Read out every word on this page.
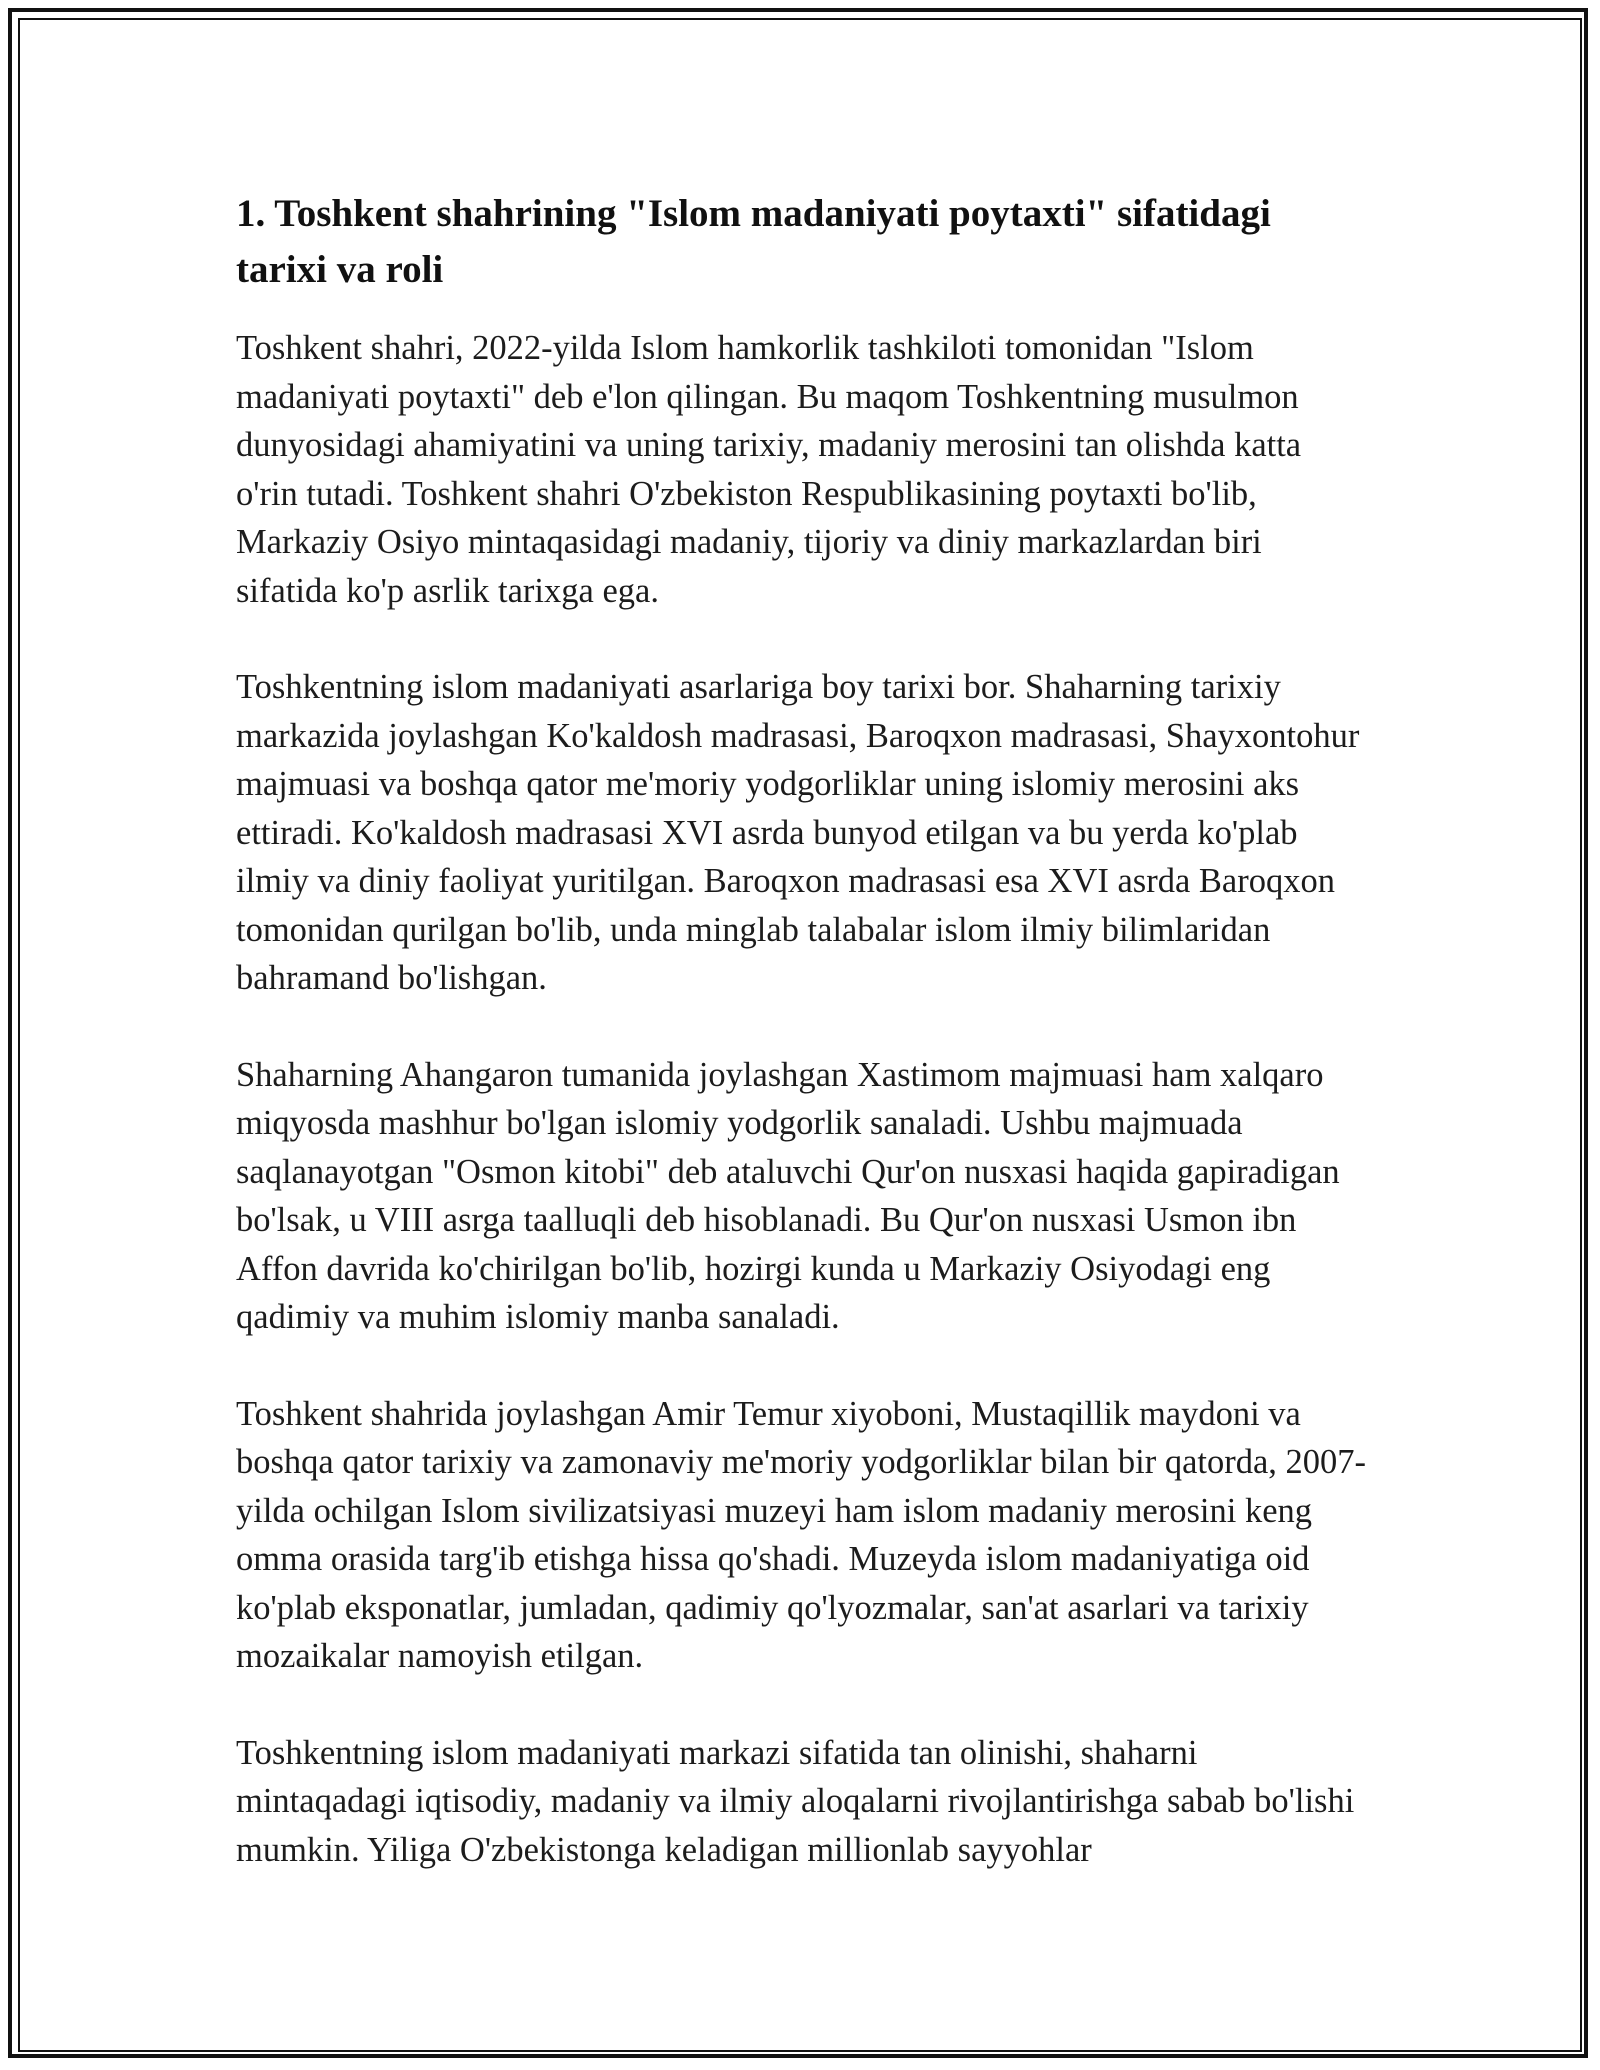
1. Toshkent shahrining "Islom madaniyati poytaxti" sifatidagi tarixi va roli

Toshkent shahri, 2022-yilda Islom hamkorlik tashkiloti tomonidan "Islom madaniyati poytaxti" deb e'lon qilingan. Bu maqom Toshkentning musulmon dunyosidagi ahamiyatini va uning tarixiy, madaniy merosini tan olishda katta o'rin tutadi. Toshkent shahri O'zbekiston Respublikasining poytaxti bo'lib, Markaziy Osiyo mintaqasidagi madaniy, tijoriy va diniy markazlardan biri sifatida ko'p asrlik tarixga ega.

Toshkentning islom madaniyati asarlariga boy tarixi bor. Shaharning tarixiy markazida joylashgan Ko'kaldosh madrasasi, Baroqxon madrasasi, Shayxontohur majmuasi va boshqa qator me'moriy yodgorliklar uning islomiy merosini aks ettiradi. Ko'kaldosh madrasasi XVI asrda bunyod etilgan va bu yerda ko'plab ilmiy va diniy faoliyat yuritilgan. Baroqxon madrasasi esa XVI asrda Baroqxon tomonidan qurilgan bo'lib, unda minglab talabalar islom ilmiy bilimlaridan bahramand bo'lishgan.

Shaharning Ahangaron tumanida joylashgan Xastimom majmuasi ham xalqaro miqyosda mashhur bo'lgan islomiy yodgorlik sanaladi. Ushbu majmuada saqlanayotgan "Osmon kitobi" deb ataluvchi Qur'on nusxasi haqida gapiradigan bo'lsak, u VIII asrga taalluqli deb hisoblanadi. Bu Qur'on nusxasi Usmon ibn Affon davrida ko'chirilgan bo'lib, hozirgi kunda u Markaziy Osiyodagi eng qadimiy va muhim islomiy manba sanaladi.

Toshkent shahrida joylashgan Amir Temur xiyoboni, Mustaqillik maydoni va boshqa qator tarixiy va zamonaviy me'moriy yodgorliklar bilan bir qatorda, 2007-yilda ochilgan Islom sivilizatsiyasi muzeyi ham islom madaniy merosini keng omma orasida targ'ib etishga hissa qo'shadi. Muzeyda islom madaniyatiga oid ko'plab eksponatlar, jumladan, qadimiy qo'lyozmalar, san'at asarlari va tarixiy mozaikalar namoyish etilgan.

Toshkentning islom madaniyati markazi sifatida tan olinishi, shaharni mintaqadagi iqtisodiy, madaniy va ilmiy aloqalarni rivojlantirishga sabab bo'lishi mumkin. Yiliga O'zbekistonga keladigan millionlab sayyohlar
